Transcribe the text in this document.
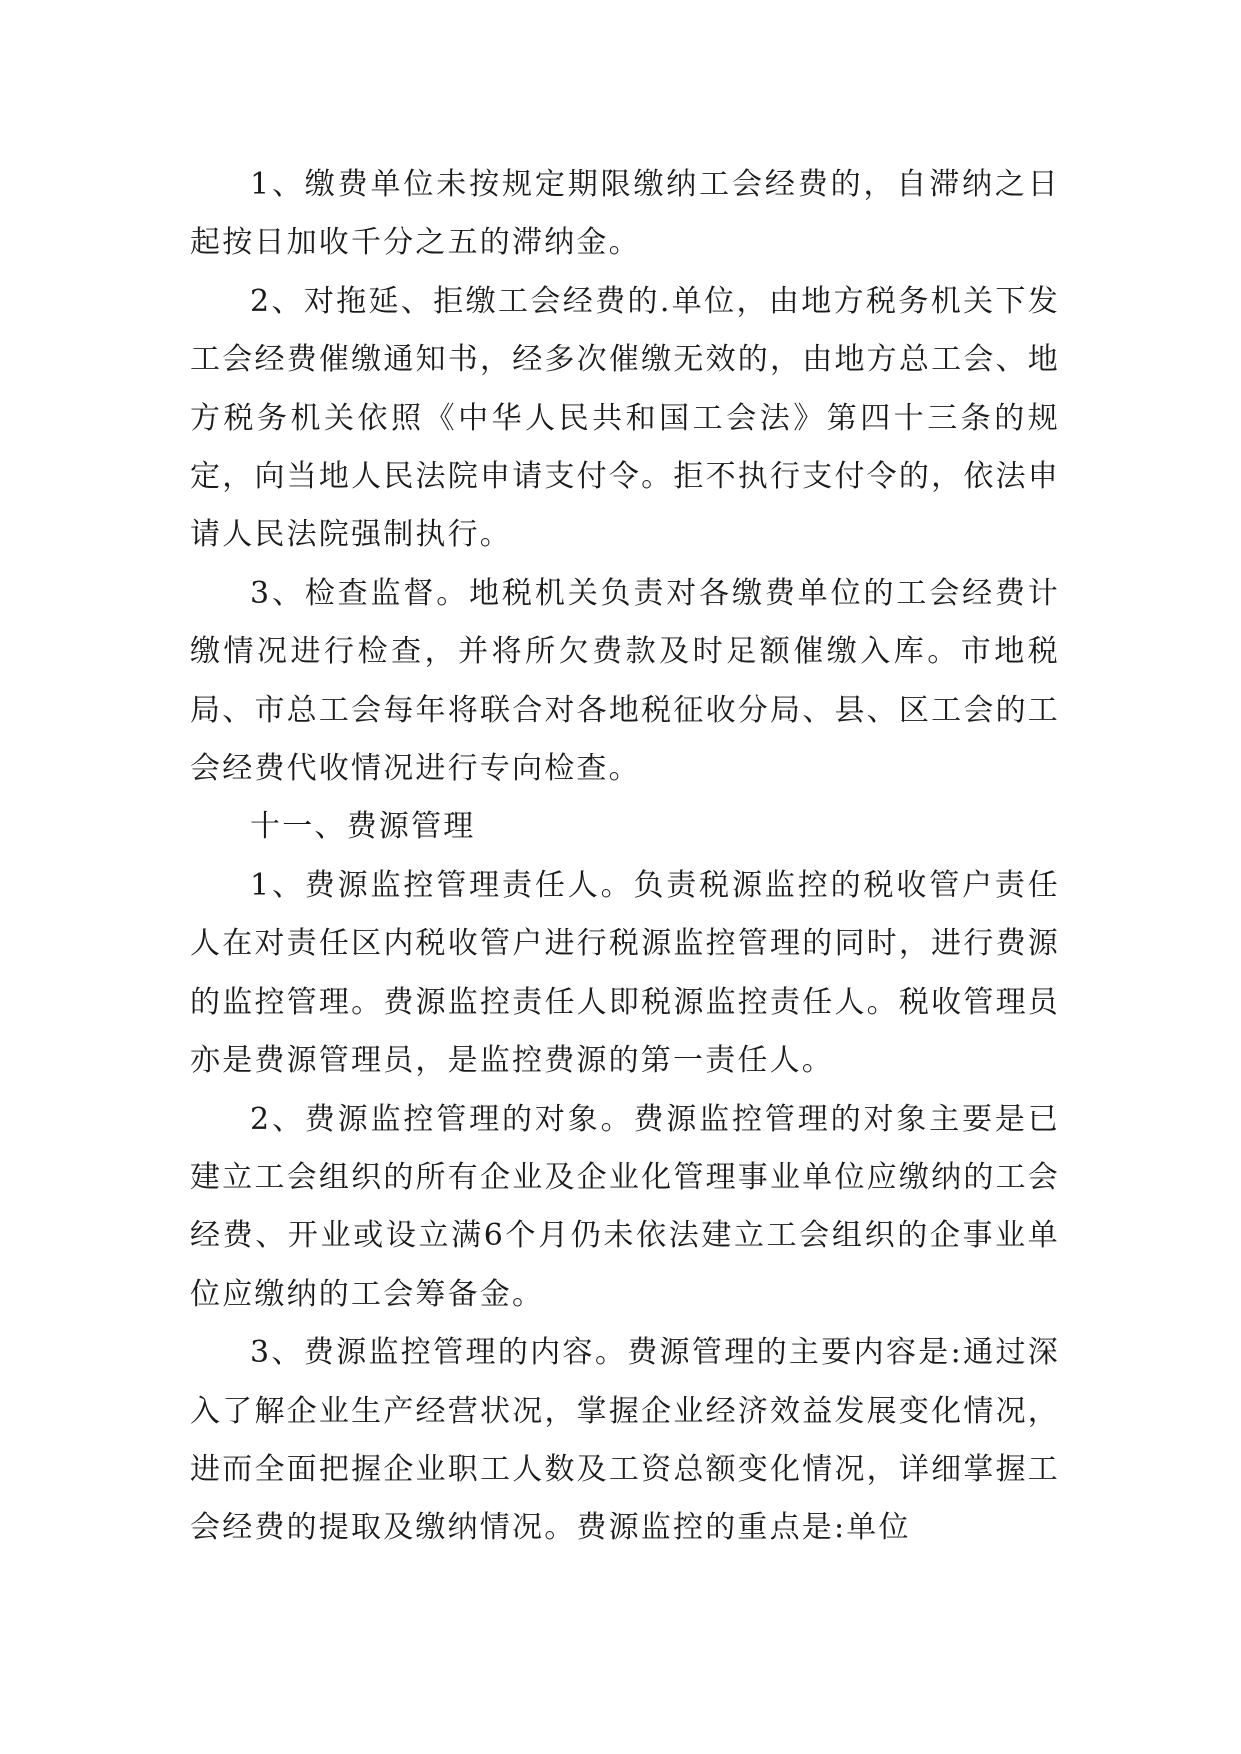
1、缴费单位未按规定期限缴纳工会经费的，自滞纳之日起按日加收千分之五的滞纳金。

2、对拖延、拒缴工会经费的.单位，由地方税务机关下发工会经费催缴通知书，经多次催缴无效的，由地方总工会、地方税务机关依照《中华人民共和国工会法》第四十三条的规定，向当地人民法院申请支付令。拒不执行支付令的，依法申请人民法院强制执行。

3、检查监督。地税机关负责对各缴费单位的工会经费计缴情况进行检查，并将所欠费款及时足额催缴入库。市地税局、市总工会每年将联合对各地税征收分局、县、区工会的工会经费代收情况进行专向检查。

十一、费源管理

1、费源监控管理责任人。负责税源监控的税收管户责任人在对责任区内税收管户进行税源监控管理的同时，进行费源的监控管理。费源监控责任人即税源监控责任人。税收管理员亦是费源管理员，是监控费源的第一责任人。

2、费源监控管理的对象。费源监控管理的对象主要是已建立工会组织的所有企业及企业化管理事业单位应缴纳的工会经费、开业或设立满6个月仍未依法建立工会组织的企事业单位应缴纳的工会筹备金。

3、费源监控管理的内容。费源管理的主要内容是:通过深入了解企业生产经营状况，掌握企业经济效益发展变化情况，进而全面把握企业职工人数及工资总额变化情况，详细掌握工会经费的提取及缴纳情况。费源监控的重点是:单位
